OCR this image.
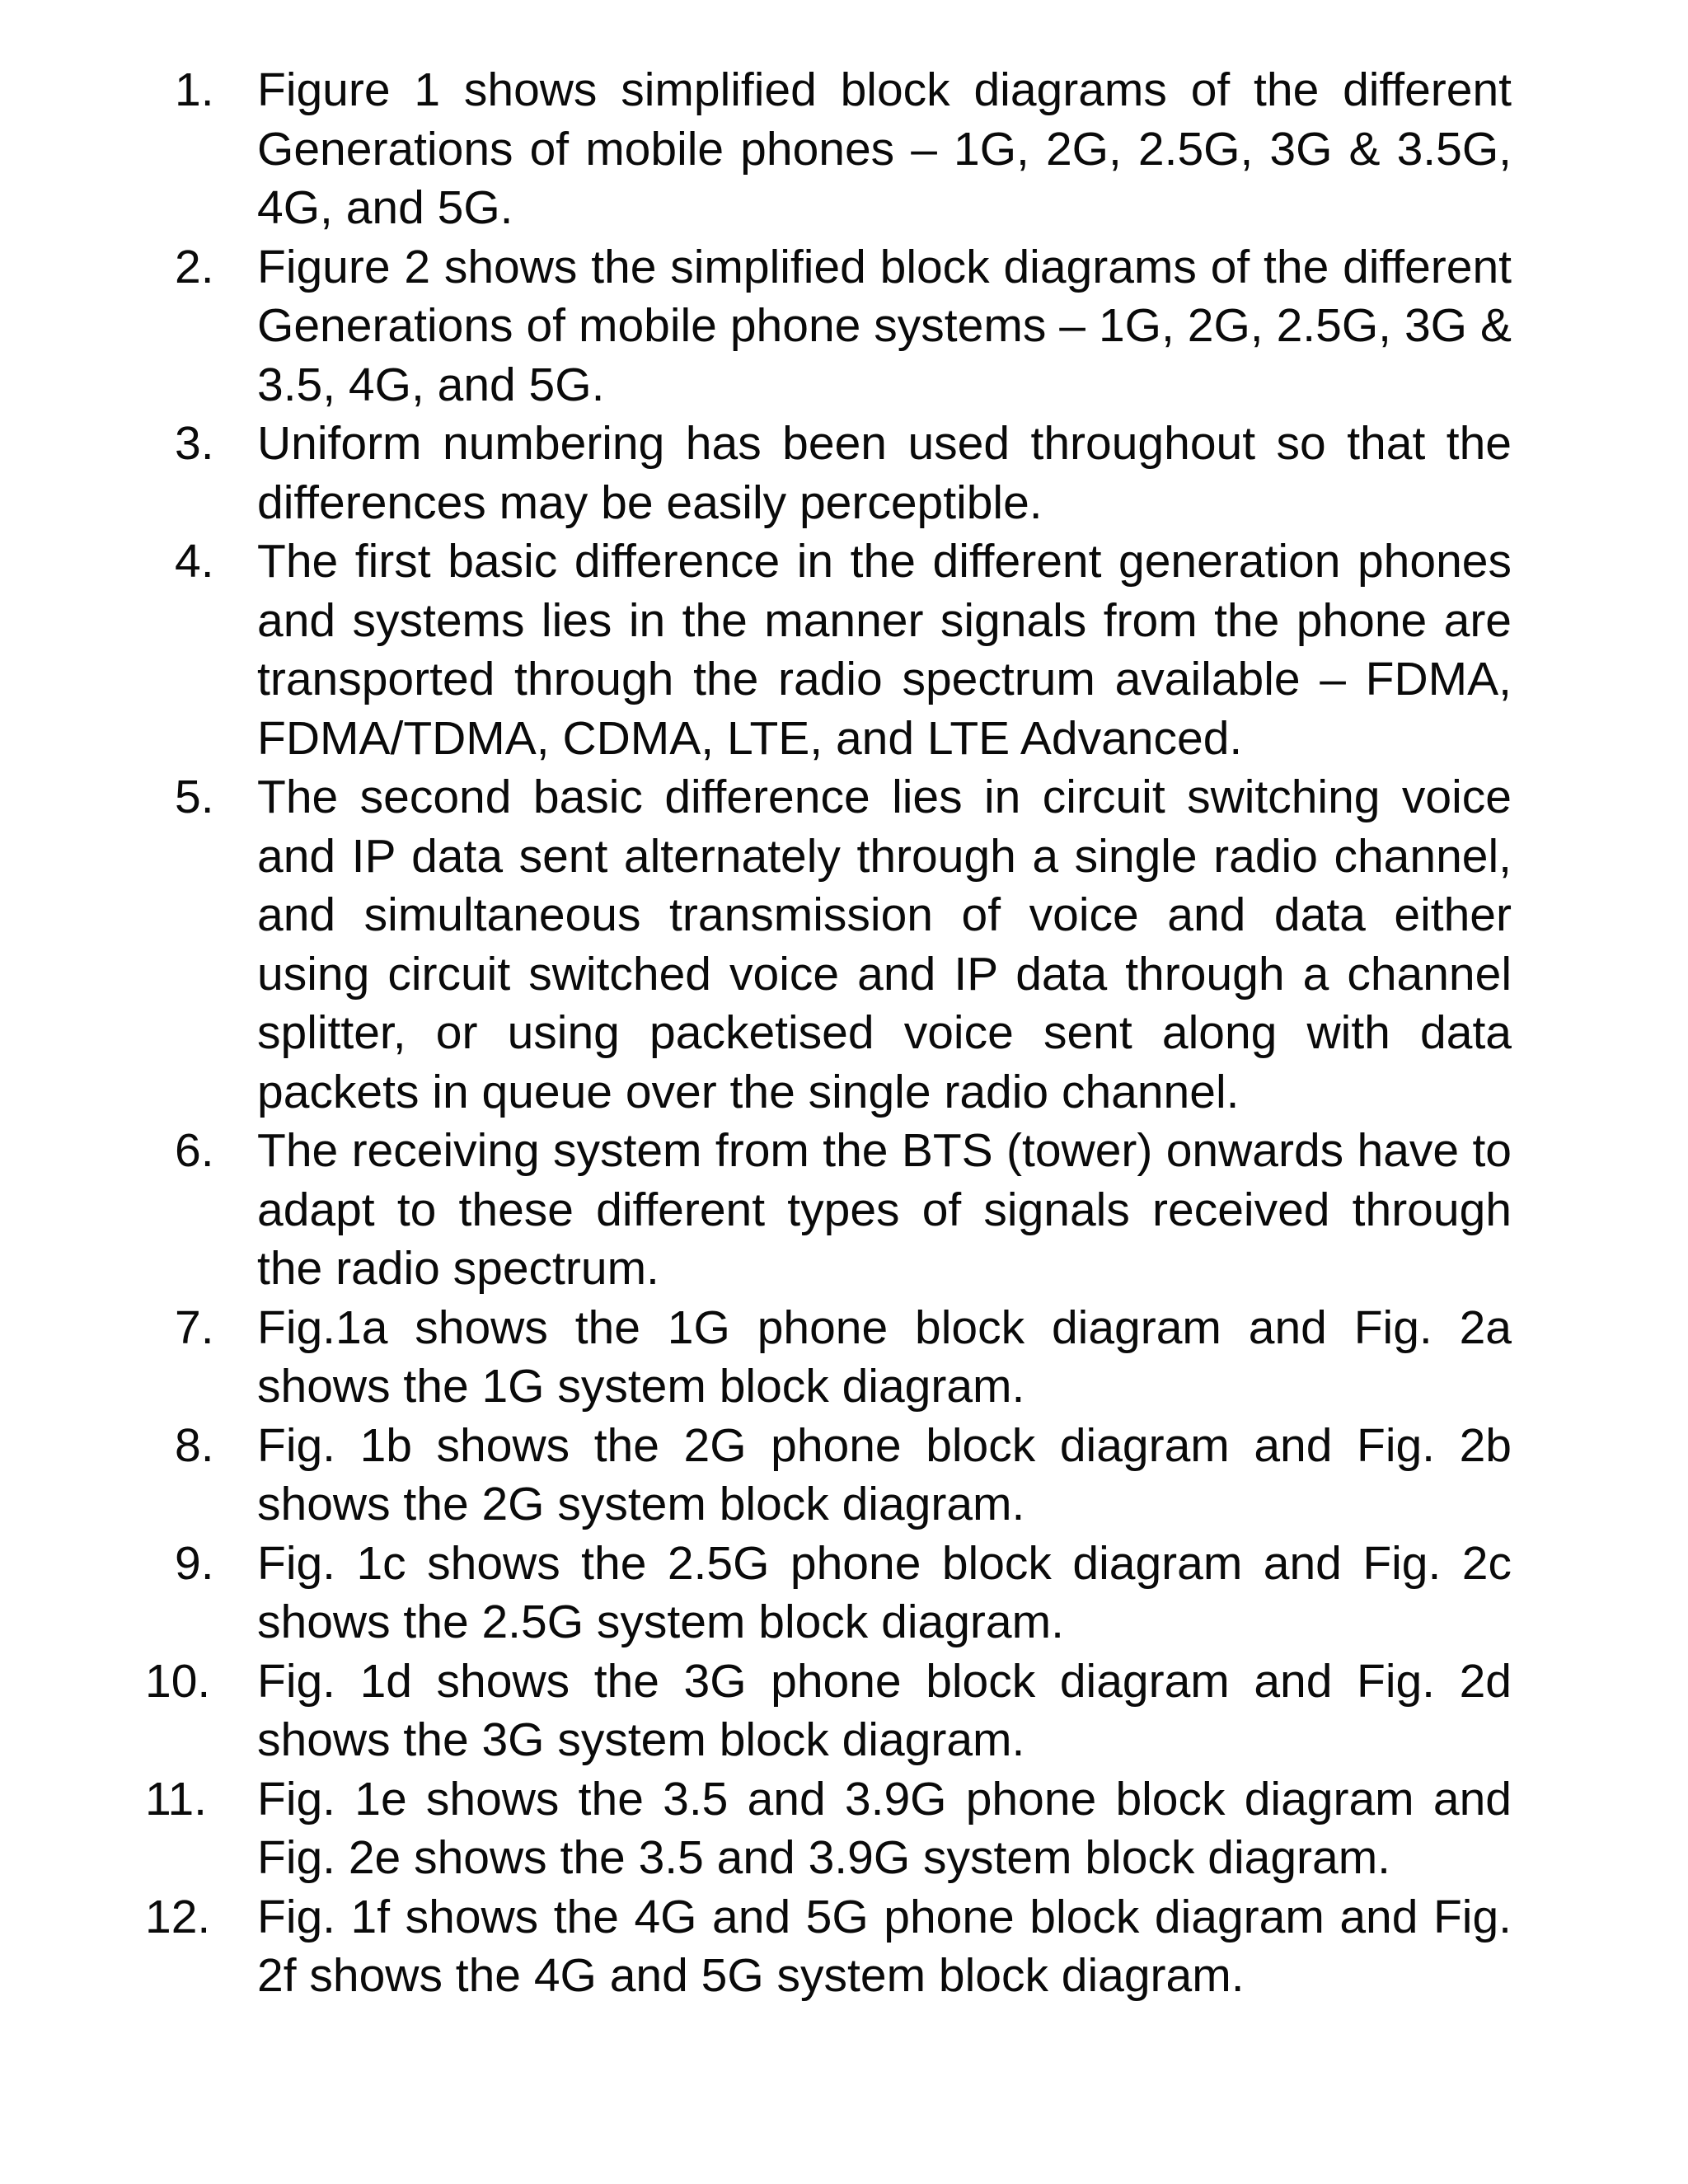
1. Figure 1 shows simplified block diagrams of the different Generations of mobile phones – 1G, 2G, 2.5G, 3G & 3.5G, 4G, and 5G.
2. Figure 2 shows the simplified block diagrams of the different Generations of mobile phone systems – 1G, 2G, 2.5G, 3G & 3.5, 4G, and 5G.
3. Uniform numbering has been used throughout so that the differences may be easily perceptible.
4. The first basic difference in the different generation phones and systems lies in the manner signals from the phone are transported through the radio spectrum available – FDMA, FDMA/TDMA, CDMA, LTE, and LTE Advanced.
5. The second basic difference lies in circuit switching voice and IP data sent alternately through a single radio channel, and simultaneous transmission of voice and data either using circuit switched voice and IP data through a channel splitter, or using packetised voice sent along with data packets in queue over the single radio channel.
6. The receiving system from the BTS (tower) onwards have to adapt to these different types of signals received through the radio spectrum.
7. Fig.1a shows the 1G phone block diagram and Fig. 2a shows the 1G system block diagram.
8. Fig. 1b shows the 2G phone block diagram and Fig. 2b shows the 2G system block diagram.
9. Fig. 1c shows the 2.5G phone block diagram and Fig. 2c shows the 2.5G system block diagram.
10. Fig. 1d shows the 3G phone block diagram and Fig. 2d shows the 3G system block diagram.
11. Fig. 1e shows the 3.5 and 3.9G phone block diagram and Fig. 2e shows the 3.5 and 3.9G system block diagram.
12. Fig. 1f shows the 4G and 5G phone block diagram and Fig. 2f shows the 4G and 5G system block diagram.
